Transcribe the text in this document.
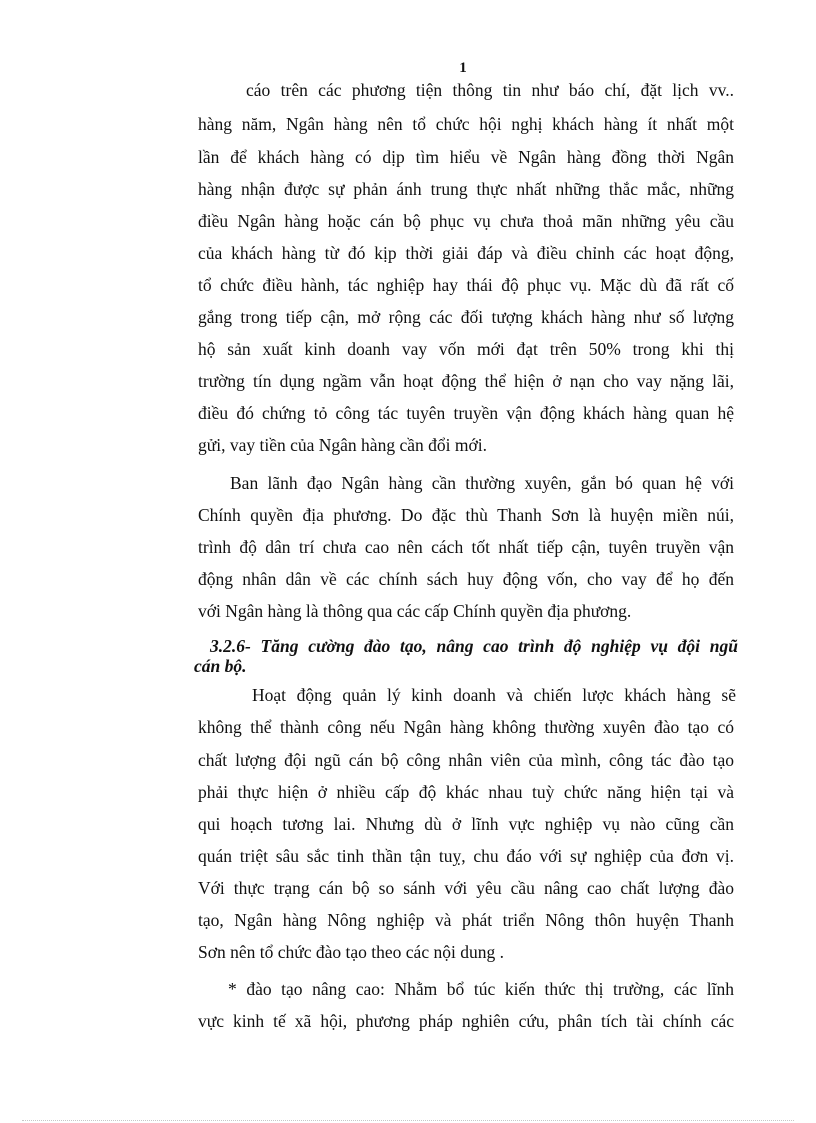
1
cáo trên các phương tiện thông tin như báo chí, đặt lịch vv..
hàng năm, Ngân hàng nên tổ chức hội nghị khách hàng ít nhất một
lần để khách hàng có dịp tìm hiểu về Ngân hàng đồng thời Ngân
hàng nhận được sự phản ánh trung thực nhất những thắc mắc, những
điều Ngân hàng hoặc cán bộ phục vụ chưa thoả mãn những yêu cầu
của khách hàng từ đó kịp thời giải đáp và điều chỉnh các hoạt động,
tổ chức điều hành, tác nghiệp hay thái độ phục vụ. Mặc dù đã rất cố
gắng trong tiếp cận, mở rộng các đối tượng khách hàng như số lượng
hộ sản xuất kinh doanh vay vốn mới đạt trên 50% trong khi thị
trường tín dụng ngầm vẫn hoạt động thể hiện ở nạn cho vay nặng lãi,
điều đó chứng tỏ công tác tuyên truyền vận động khách hàng quan hệ
gửi, vay tiền của Ngân hàng cần đổi mới.
Ban lãnh đạo Ngân hàng cần thường xuyên, gắn bó quan hệ với
Chính quyền địa phương. Do đặc thù Thanh Sơn là huyện miền núi,
trình độ dân trí chưa cao nên cách tốt nhất tiếp cận, tuyên truyền vận
động nhân dân về các chính sách huy động vốn, cho vay để họ đến
với Ngân hàng là thông qua các cấp Chính quyền địa phương.
3.2.6- Tăng cường đào tạo, nâng cao trình độ nghiệp vụ đội ngũ
cán bộ.
Hoạt động quản lý kinh doanh và chiến lược khách hàng sẽ
không thể thành công nếu Ngân hàng không thường xuyên đào tạo có
chất lượng đội ngũ cán bộ công nhân viên của mình, công tác đào tạo
phải thực hiện ở nhiều cấp độ khác nhau tuỳ chức năng hiện tại và
qui hoạch tương lai. Nhưng dù ở lĩnh vực nghiệp vụ nào cũng cần
quán triệt sâu sắc tinh thần tận tuỵ, chu đáo với sự nghiệp của đơn vị.
Với thực trạng cán bộ so sánh với yêu cầu nâng cao chất lượng đào
tạo, Ngân hàng Nông nghiệp và phát triển Nông thôn huyện Thanh
Sơn nên tổ chức đào tạo theo các nội dung .
* đào tạo nâng cao: Nhằm bổ túc kiến thức thị trường, các lĩnh
vực kinh tế xã hội, phương pháp nghiên cứu, phân tích tài chính các
